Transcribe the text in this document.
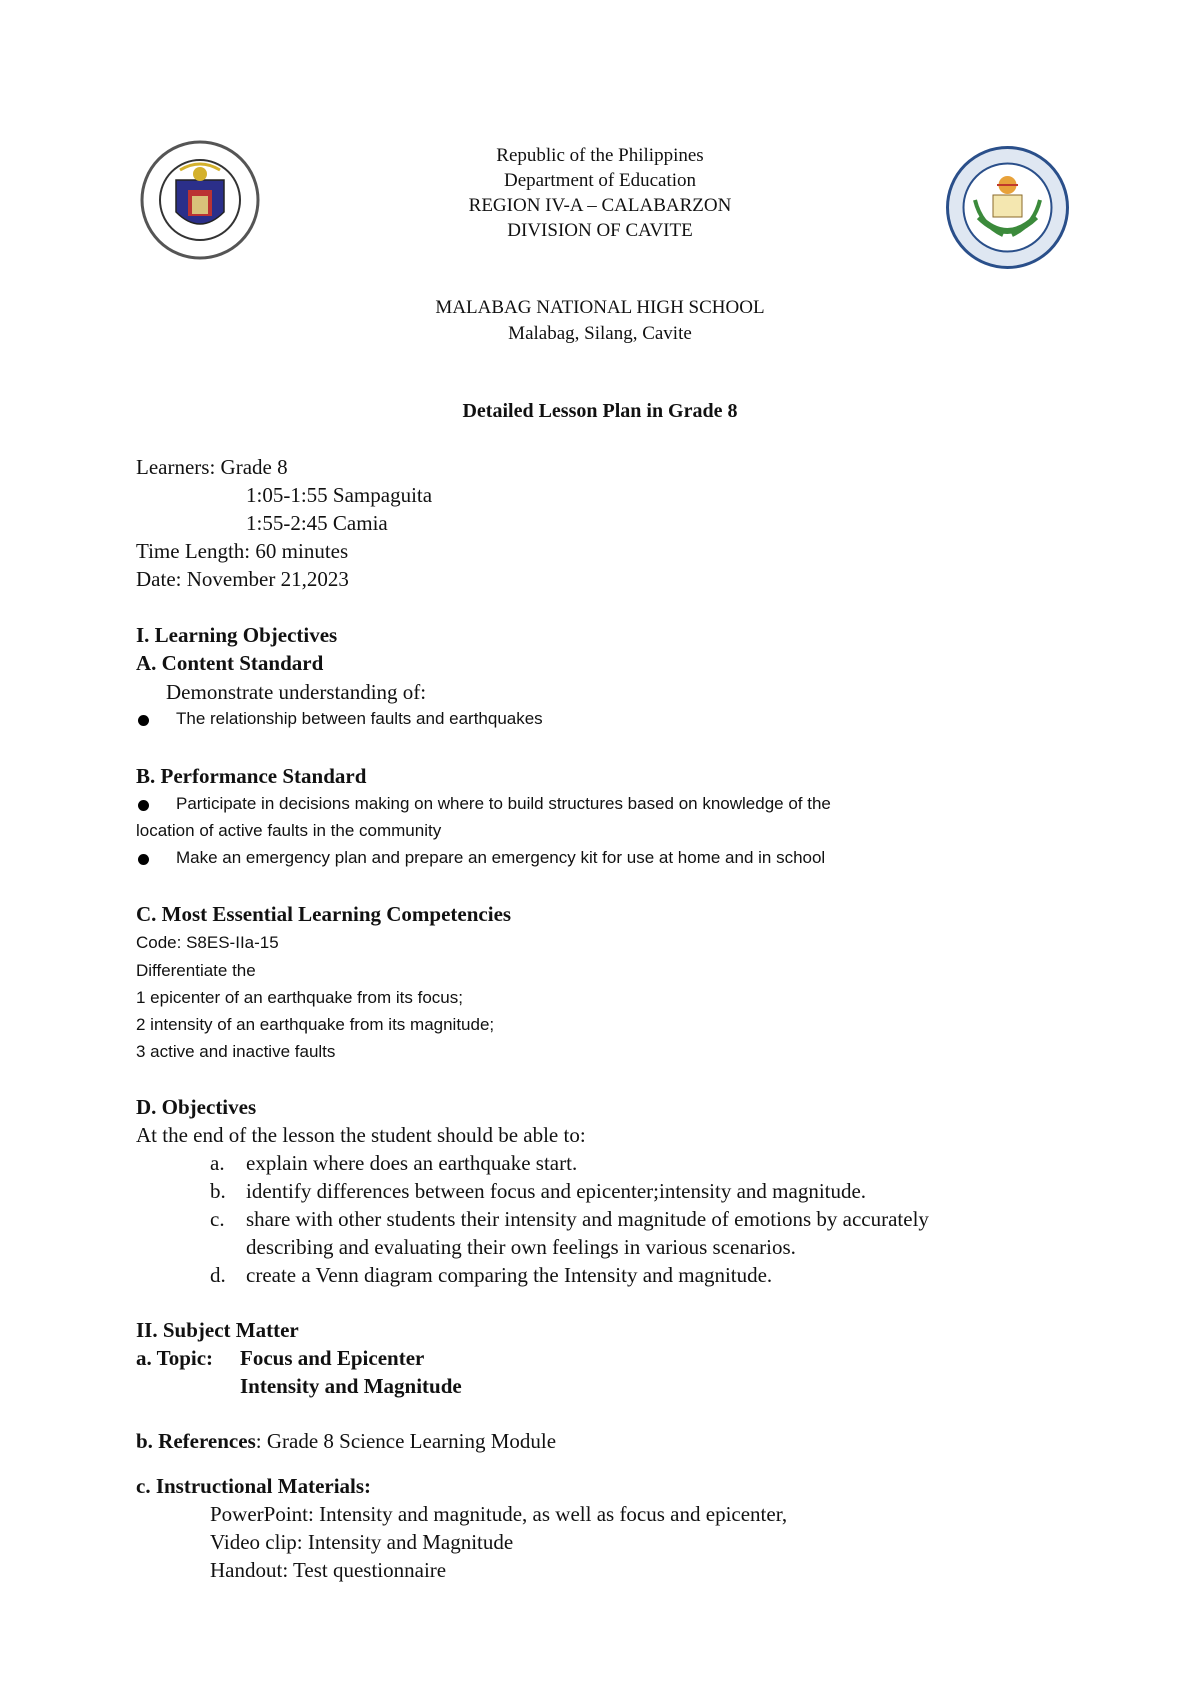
Republic of the Philippines
Department of Education
REGION IV-A – CALABARZON
DIVISION OF CAVITE
MALABAG NATIONAL HIGH SCHOOL
Malabag, Silang, Cavite
Detailed Lesson Plan in Grade 8
Learners: Grade 8
1:05-1:55 Sampaguita
1:55-2:45 Camia
Time Length: 60 minutes
Date: November 21,2023
I. Learning Objectives
A. Content Standard
Demonstrate understanding of:
The relationship between faults and earthquakes
B. Performance Standard
Participate in decisions making on where to build structures based on knowledge of the
location of active faults in the community
Make an emergency plan and prepare an emergency kit for use at home and in school
C. Most Essential Learning Competencies
Code: S8ES-IIa-15
Differentiate the
1 epicenter of an earthquake from its focus;
2 intensity of an earthquake from its magnitude;
3 active and inactive faults
D. Objectives
At the end of the lesson the student should be able to:
a. explain where does an earthquake start.
b. identify differences between focus and epicenter;intensity and magnitude.
c. share with other students their intensity and magnitude of emotions by accurately
describing and evaluating their own feelings in various scenarios.
d. create a Venn diagram comparing the Intensity and magnitude.
II. Subject Matter
a. Topic: Focus and Epicenter
Intensity and Magnitude
b. References: Grade 8 Science Learning Module
c. Instructional Materials:
PowerPoint: Intensity and magnitude, as well as focus and epicenter,
Video clip: Intensity and Magnitude
Handout: Test questionnaire
